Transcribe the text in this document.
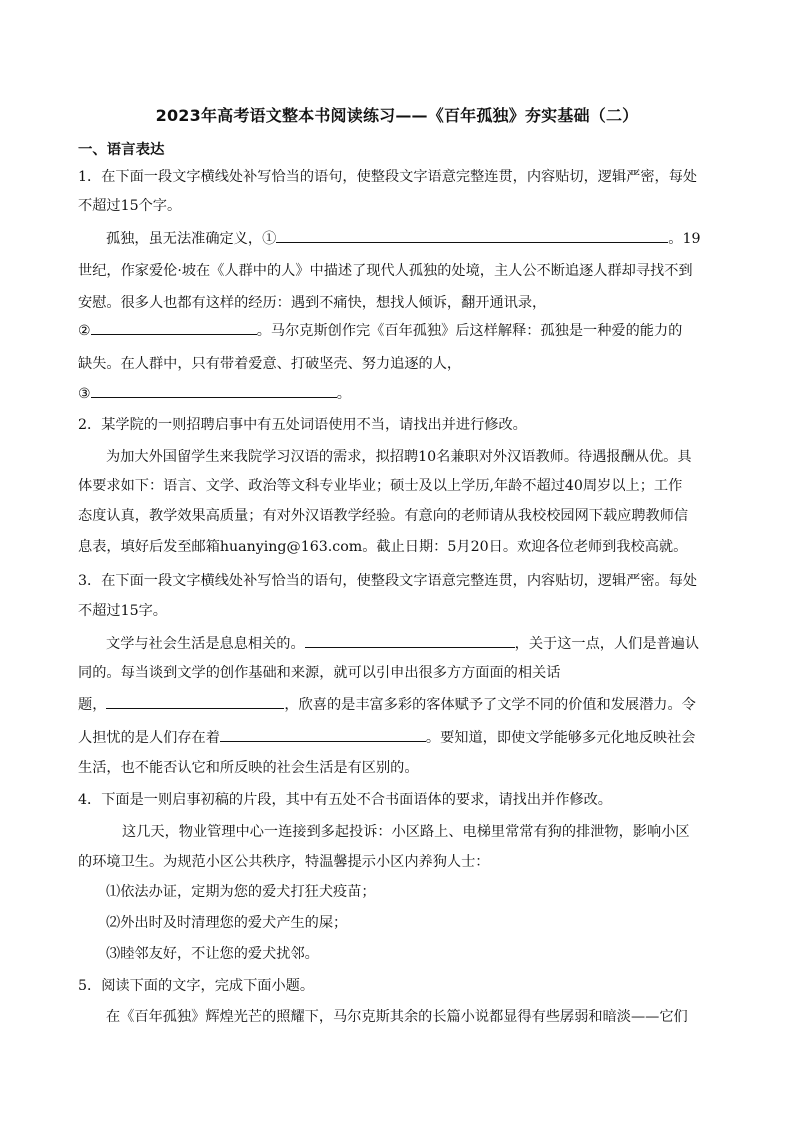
2023年高考语文整本书阅读练习——《百年孤独》夯实基础（二）
一、语言表达
1．在下面一段文字横线处补写恰当的语句，使整段文字语意完整连贯，内容贴切，逻辑严密，每处
不超过15个字。
孤独，虽无法准确定义，①	。19
世纪，作家爱伦·坡在《人群中的人》中描述了现代人孤独的处境，主人公不断追逐人群却寻找不到
安慰。很多人也都有这样的经历：遇到不痛快，想找人倾诉，翻开通讯录，
②	。马尔克斯创作完《百年孤独》后这样解释：孤独是一种爱的能力的
缺失。在人群中，只有带着爱意、打破坚壳、努力追逐的人，
③	。
2．某学院的一则招聘启事中有五处词语使用不当，请找出并进行修改。
为加大外国留学生来我院学习汉语的需求，拟招聘10名兼职对外汉语教师。待遇报酬从优。具
体要求如下：语言、文学、政治等文科专业毕业；硕士及以上学历,年龄不超过40周岁以上；工作
态度认真，教学效果高质量；有对外汉语教学经验。有意向的老师请从我校校园网下载应聘教师信
息表，填好后发至邮箱huanying@163.com。截止日期：5月20日。欢迎各位老师到我校高就。
3．在下面一段文字横线处补写恰当的语句，使整段文字语意完整连贯，内容贴切，逻辑严密。每处
不超过15字。
文学与社会生活是息息相关的。	，关于这一点，人们是普遍认
同的。每当谈到文学的创作基础和来源，就可以引申出很多方方面面的相关话
题，	，欣喜的是丰富多彩的客体赋予了文学不同的价值和发展潜力。令
人担忧的是人们存在着	。要知道，即使文学能够多元化地反映社会
生活，也不能否认它和所反映的社会生活是有区别的。
4．下面是一则启事初稿的片段，其中有五处不合书面语体的要求，请找出并作修改。
这几天，物业管理中心一连接到多起投诉：小区路上、电梯里常常有狗的排泄物，影响小区
的环境卫生。为规范小区公共秩序，特温馨提示小区内养狗人士：
⑴依法办证，定期为您的爱犬打狂犬疫苗；
⑵外出时及时清理您的爱犬产生的屎；
⑶睦邻友好，不让您的爱犬扰邻。
5．阅读下面的文字，完成下面小题。
在《百年孤独》辉煌光芒的照耀下，马尔克斯其余的长篇小说都显得有些孱弱和暗淡——它们
